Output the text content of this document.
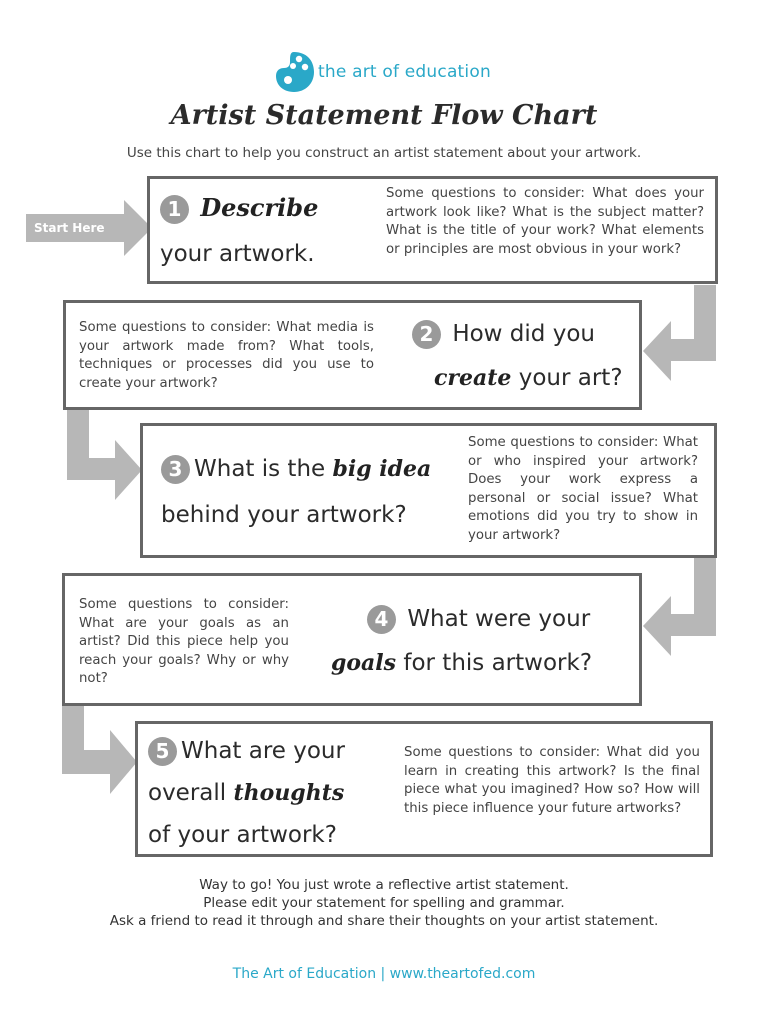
the art of education
Artist Statement Flow Chart
Use this chart to help you construct an artist statement about your artwork.
Start Here
1 Describe
your artwork.
Some questions to consider: What does your artwork look like? What is the subject matter? What is the title of your work? What elements or principles are most obvious in your work?
Some questions to consider: What media is your artwork made from? What tools, techniques or processes did you use to create your artwork?
2 How did you
create your art?
3 What is the big idea
behind your artwork?
Some questions to consider: What or who inspired your artwork? Does your work express a personal or social issue? What emotions did you try to show in your artwork?
Some questions to consider: What are your goals as an artist? Did this piece help you reach your goals? Why or why not?
4 What were your
goals for this artwork?
5 What are your
overall thoughts
of your artwork?
Some questions to consider: What did you learn in creating this artwork? Is the final piece what you imagined? How so? How will this piece influence your future artworks?
Way to go! You just wrote a reflective artist statement.
Please edit your statement for spelling and grammar.
Ask a friend to read it through and share their thoughts on your artist statement.
The Art of Education | www.theartofed.com
